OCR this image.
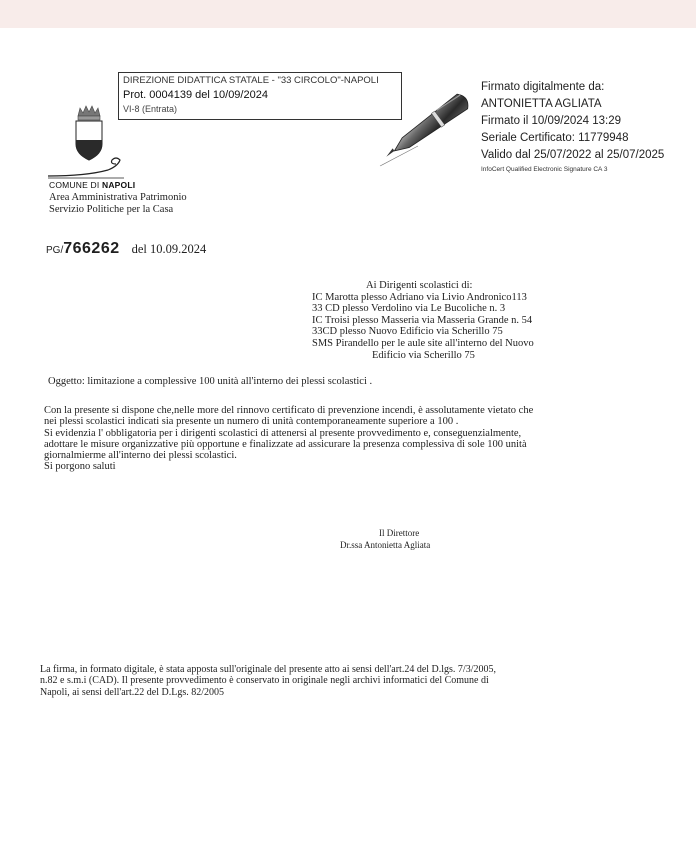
DIREZIONE DIDATTICA STATALE - "33 CIRCOLO"-NAPOLI
Prot. 0004139 del 10/09/2024
VI-8 (Entrata)
Firmato digitalmente da:
ANTONIETTA AGLIATA
Firmato il 10/09/2024 13:29
Seriale Certificato: 11779948
Valido dal 25/07/2022 al 25/07/2025
InfoCert Qualified Electronic Signature CA 3
COMUNE DI NAPOLI
Area Amministrativa Patrimonio
Servizio Politiche per la Casa
PG/766262 del 10.09.2024
Ai Dirigenti scolastici di:
IC Marotta plesso Adriano via Livio Andronico113
33 CD plesso Verdolino via Le Bucoliche n. 3
IC Troisi plesso Masseria via Masseria Grande n. 54
33CD plesso Nuovo Edificio via Scherillo 75
SMS Pirandello per le aule site all'interno del Nuovo
Edificio via Scherillo 75
Oggetto: limitazione a complessive 100 unità all'interno dei plessi scolastici .
Con la presente si dispone che,nelle more del rinnovo certificato di prevenzione incendi, è assolutamente vietato che
nei plessi scolastici indicati sia presente un numero di unità contemporaneamente superiore a 100 .
Si evidenzia l' obbligatoria per i dirigenti scolastici di attenersi al presente provvedimento e, conseguenzialmente,
adottare le misure organizzative più opportune e finalizzate ad assicurare la presenza complessiva di sole 100 unità
giornalmierme all'interno dei plessi scolastici.
Si porgono saluti
Il Direttore
Dr.ssa Antonietta Agliata
La firma, in formato digitale, è stata apposta sull'originale del presente atto ai sensi dell'art.24 del D.lgs. 7/3/2005,
n.82 e s.m.i (CAD). Il presente provvedimento è conservato in originale negli archivi informatici del Comune di
Napoli, ai sensi dell'art.22 del D.Lgs. 82/2005
